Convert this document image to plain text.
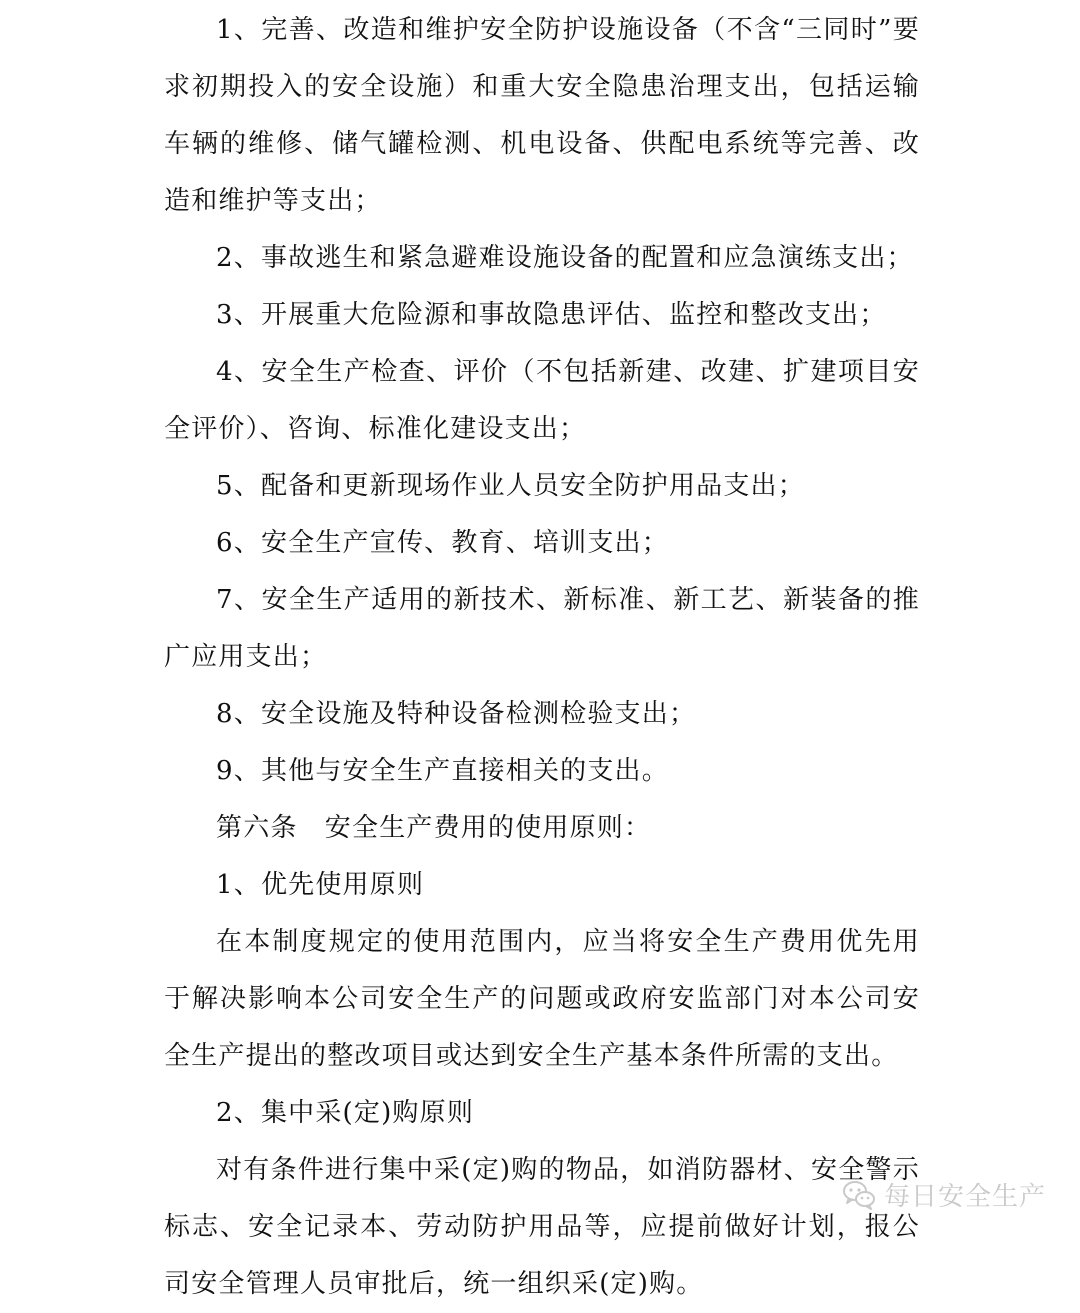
1、完善、改造和维护安全防护设施设备（不含“三同时”要求初期投入的安全设施）和重大安全隐患治理支出，包括运输车辆的维修、储气罐检测、机电设备、供配电系统等完善、改造和维护等支出；

2、事故逃生和紧急避难设施设备的配置和应急演练支出；

3、开展重大危险源和事故隐患评估、监控和整改支出；

4、安全生产检查、评价（不包括新建、改建、扩建项目安全评价）、咨询、标准化建设支出；

5、配备和更新现场作业人员安全防护用品支出；

6、安全生产宣传、教育、培训支出；

7、安全生产适用的新技术、新标准、新工艺、新装备的推广应用支出；

8、安全设施及特种设备检测检验支出；

9、其他与安全生产直接相关的支出。

第六条　安全生产费用的使用原则：

1、优先使用原则

在本制度规定的使用范围内，应当将安全生产费用优先用于解决影响本公司安全生产的问题或政府安监部门对本公司安全生产提出的整改项目或达到安全生产基本条件所需的支出。

2、集中采(定)购原则

对有条件进行集中采(定)购的物品，如消防器材、安全警示标志、安全记录本、劳动防护用品等，应提前做好计划，报公司安全管理人员审批后，统一组织采(定)购。

每日安全生产
